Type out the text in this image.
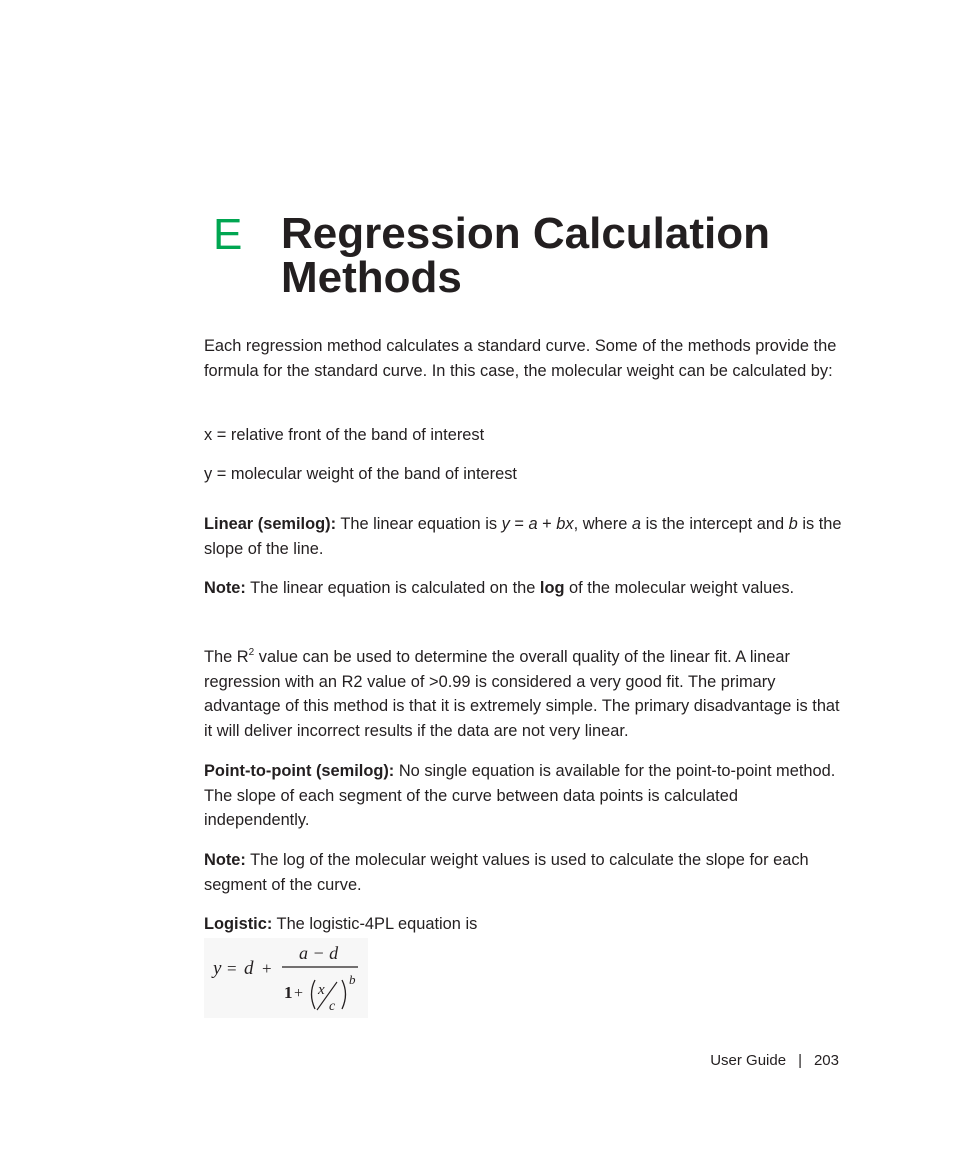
E Regression Calculation
Methods

Each regression method calculates a standard curve. Some of the methods provide the formula for the standard curve. In this case, the molecular weight can be calculated by:

x = relative front of the band of interest

y = molecular weight of the band of interest

Linear (semilog): The linear equation is y = a + bx, where a is the intercept and b is the slope of the line.

Note: The linear equation is calculated on the log of the molecular weight values.

The $R^2$ value can be used to determine the overall quality of the linear fit. A linear regression with an R2 value of >0.99 is considered a very good fit. The primary advantage of this method is that it is extremely simple. The primary disadvantage is that it will deliver incorrect results if the data are not very linear.

Point-to-point (semilog): No single equation is available for the point-to-point method. The slope of each segment of the curve between data points is calculated independently.

Note: The log of the molecular weight values is used to calculate the slope for each segment of the curve.

Logistic: The logistic-4PL equation is

y = d +
a − d
1 + x
c
b
User Guide | 203
